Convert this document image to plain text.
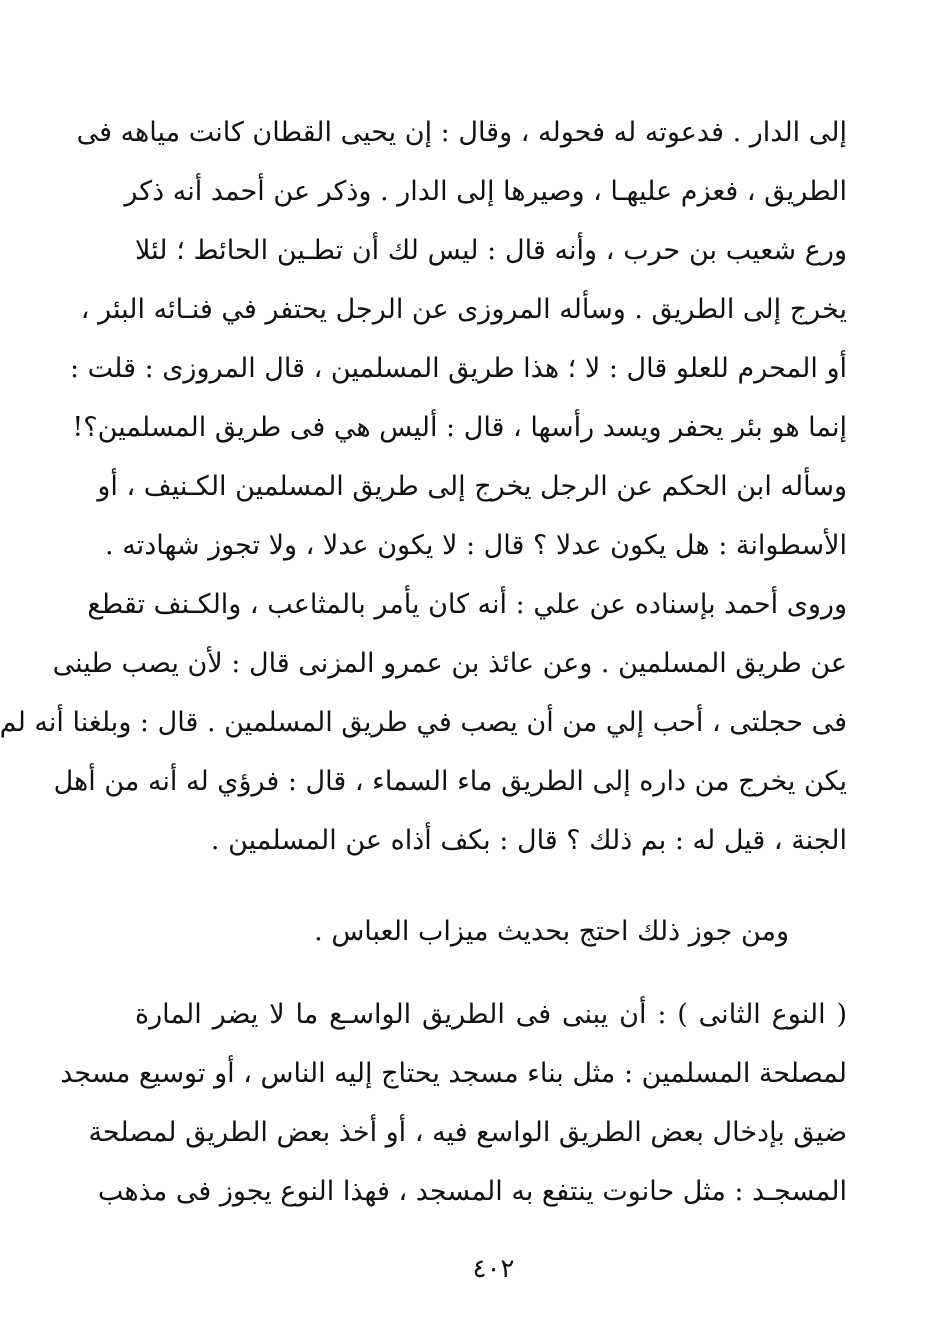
إلى الدار . فدعوته له فحوله ، وقال : إن يحيى القطان كانت مياهه فى
الطريق ، فعزم عليهـا ، وصيرها إلى الدار . وذكر عن أحمد أنه ذكر
ورع شعيب بن حرب ، وأنه قال : ليس لك أن تطـين الحائط ؛ لئلا
يخرج إلى الطريق . وسأله المروزى عن الرجل يحتفر في فنـائه البئر ،
أو المحرم للعلو قال : لا ؛ هذا طريق المسلمين ، قال المروزى : قلت :
إنما هو بئر يحفر ويسد رأسها ، قال : أليس هي فى طريق المسلمين؟!
وسأله ابن الحكم عن الرجل يخرج إلى طريق المسلمين الكـنيف ، أو
الأسطوانة : هل يكون عدلا ؟ قال : لا يكون عدلا ، ولا تجوز شهادته .
وروى أحمد بإسناده عن علي : أنه كان يأمر بالمثاعب ، والكـنف تقطع
عن طريق المسلمين . وعن عائذ بن عمرو المزنى قال : لأن يصب طينى
فى حجلتى ، أحب إلي من أن يصب في طريق المسلمين . قال : وبلغنا أنه لم
يكن يخرج من داره إلى الطريق ماء السماء ، قال : فرؤي له أنه من أهل
الجنة ، قيل له : بم ذلك ؟ قال : بكف أذاه عن المسلمين .
ومن جوز ذلك احتج بحديث ميزاب العباس .
( النوع الثانى ) : أن يبنى فى الطريق الواسـع ما لا يضر المارة
لمصلحة المسلمين : مثل بناء مسجد يحتاج إليه الناس ، أو توسيع مسجد
ضيق بإدخال بعض الطريق الواسع فيه ، أو أخذ بعض الطريق لمصلحة
المسجـد : مثل حانوت ينتفع به المسجد ، فهذا النوع يجوز فى مذهب
٤٠٢
